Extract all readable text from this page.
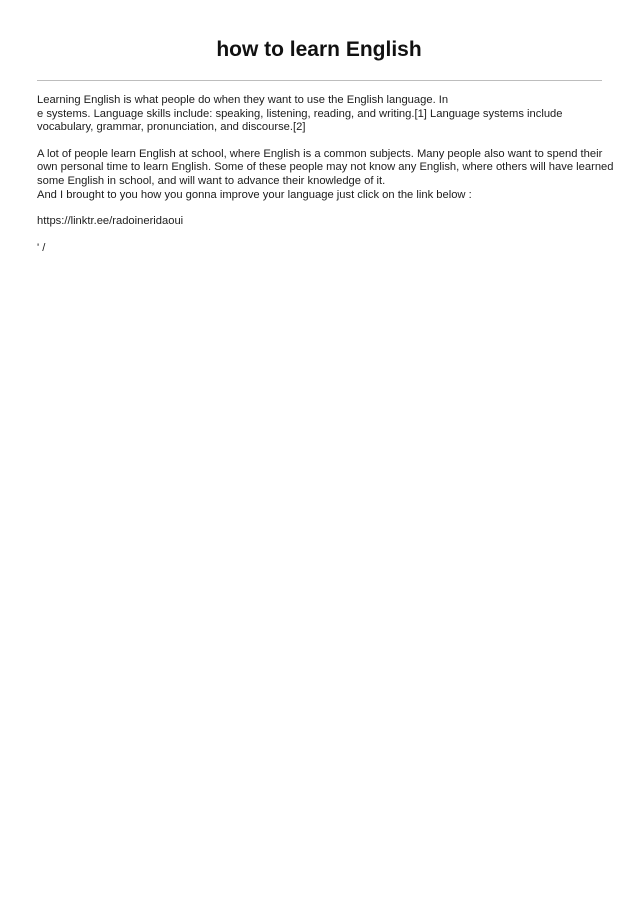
how to learn English
Learning English is what people do when they want to use the English language. In
e systems. Language skills include: speaking, listening, reading, and writing.[1] Language systems include
vocabulary, grammar, pronunciation, and discourse.[2]
A lot of people learn English at school, where English is a common subjects. Many people also want to spend their
own personal time to learn English. Some of these people may not know any English, where others will have learned
some English in school, and will want to advance their knowledge of it.
And I brought to you how you gonna improve your language just click on the link below :
https://linktr.ee/radoineridaoui
' /
